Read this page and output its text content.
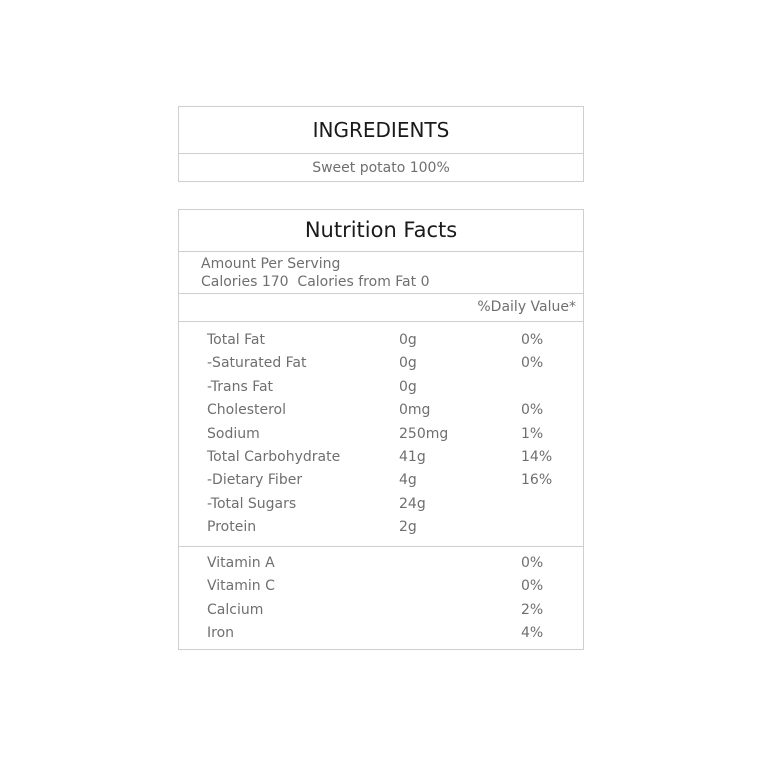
INGREDIENTS
Sweet potato 100%
Nutrition Facts
Amount Per Serving
Calories 170  Calories from Fat 0
%Daily Value*
Total Fat	0g	0%
-Saturated Fat	0g	0%
-Trans Fat	0g
Cholesterol	0mg	0%
Sodium	250mg	1%
Total Carbohydrate	41g	14%
-Dietary Fiber	4g	16%
-Total Sugars	24g
Protein	2g
Vitamin A	0%
Vitamin C	0%
Calcium	2%
Iron	4%
